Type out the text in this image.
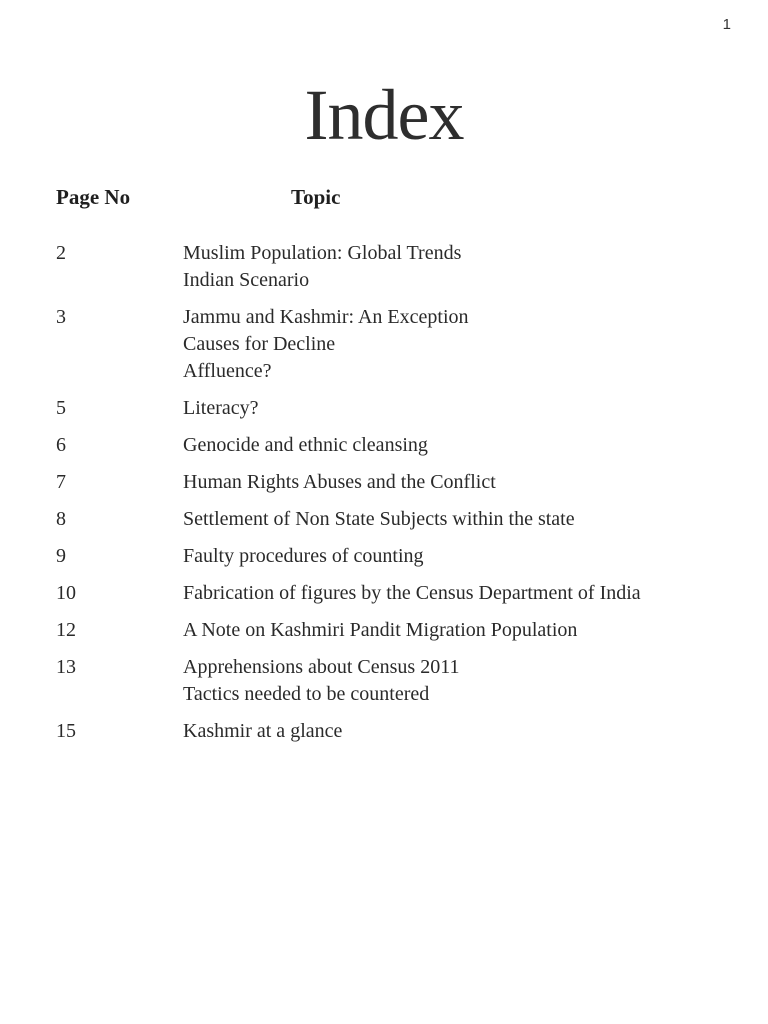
1
Index
Page No	Topic
2	Muslim Population: Global Trends
Indian Scenario
3	Jammu and Kashmir: An Exception
Causes for Decline
Affluence?
5	Literacy?
6	Genocide and ethnic cleansing
7	Human Rights Abuses and the Conflict
8	Settlement of Non State Subjects within the state
9	Faulty procedures of counting
10	Fabrication of figures by the Census Department of India
12	A Note on Kashmiri Pandit Migration Population
13	Apprehensions about Census 2011
Tactics needed to be countered
15	Kashmir at a glance
